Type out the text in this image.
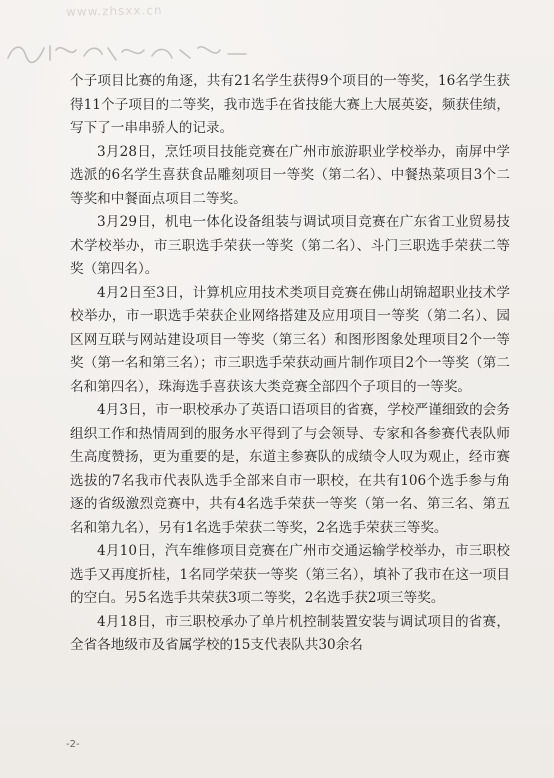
www.zhsxx.cn

个子项目比赛的角逐，共有21名学生获得9个项目的一等奖，16名学生获得11个子项目的二等奖，我市选手在省技能大赛上大展英姿，频获佳绩，写下了一串串骄人的记录。

3月28日，烹饪项目技能竞赛在广州市旅游职业学校举办，南屏中学选派的6名学生喜获食品雕刻项目一等奖（第二名）、中餐热菜项目3个二等奖和中餐面点项目二等奖。

3月29日，机电一体化设备组装与调试项目竞赛在广东省工业贸易技术学校举办，市三职选手荣获一等奖（第二名）、斗门三职选手荣获二等奖（第四名）。

4月2日至3日，计算机应用技术类项目竞赛在佛山胡锦超职业技术学校举办，市一职选手荣获企业网络搭建及应用项目一等奖（第二名）、园区网互联与网站建设项目一等奖（第三名）和图形图象处理项目2个一等奖（第一名和第三名）；市三职选手荣获动画片制作项目2个一等奖（第二名和第四名），珠海选手喜获该大类竞赛全部四个子项目的一等奖。

4月3日，市一职校承办了英语口语项目的省赛，学校严谨细致的会务组织工作和热情周到的服务水平得到了与会领导、专家和各参赛代表队师生高度赞扬，更为重要的是，东道主参赛队的成绩令人叹为观止，经市赛选拔的7名我市代表队选手全部来自市一职校，在共有106个选手参与角逐的省级激烈竞赛中，共有4名选手荣获一等奖（第一名、第三名、第五名和第九名），另有1名选手荣获二等奖，2名选手荣获三等奖。

4月10日，汽车维修项目竞赛在广州市交通运输学校举办，市三职校选手又再度折桂，1名同学荣获一等奖（第三名），填补了我市在这一项目的空白。另5名选手共荣获3项二等奖，2名选手获2项三等奖。

4月18日，市三职校承办了单片机控制装置安装与调试项目的省赛，全省各地级市及省属学校的15支代表队共30余名

-2-
